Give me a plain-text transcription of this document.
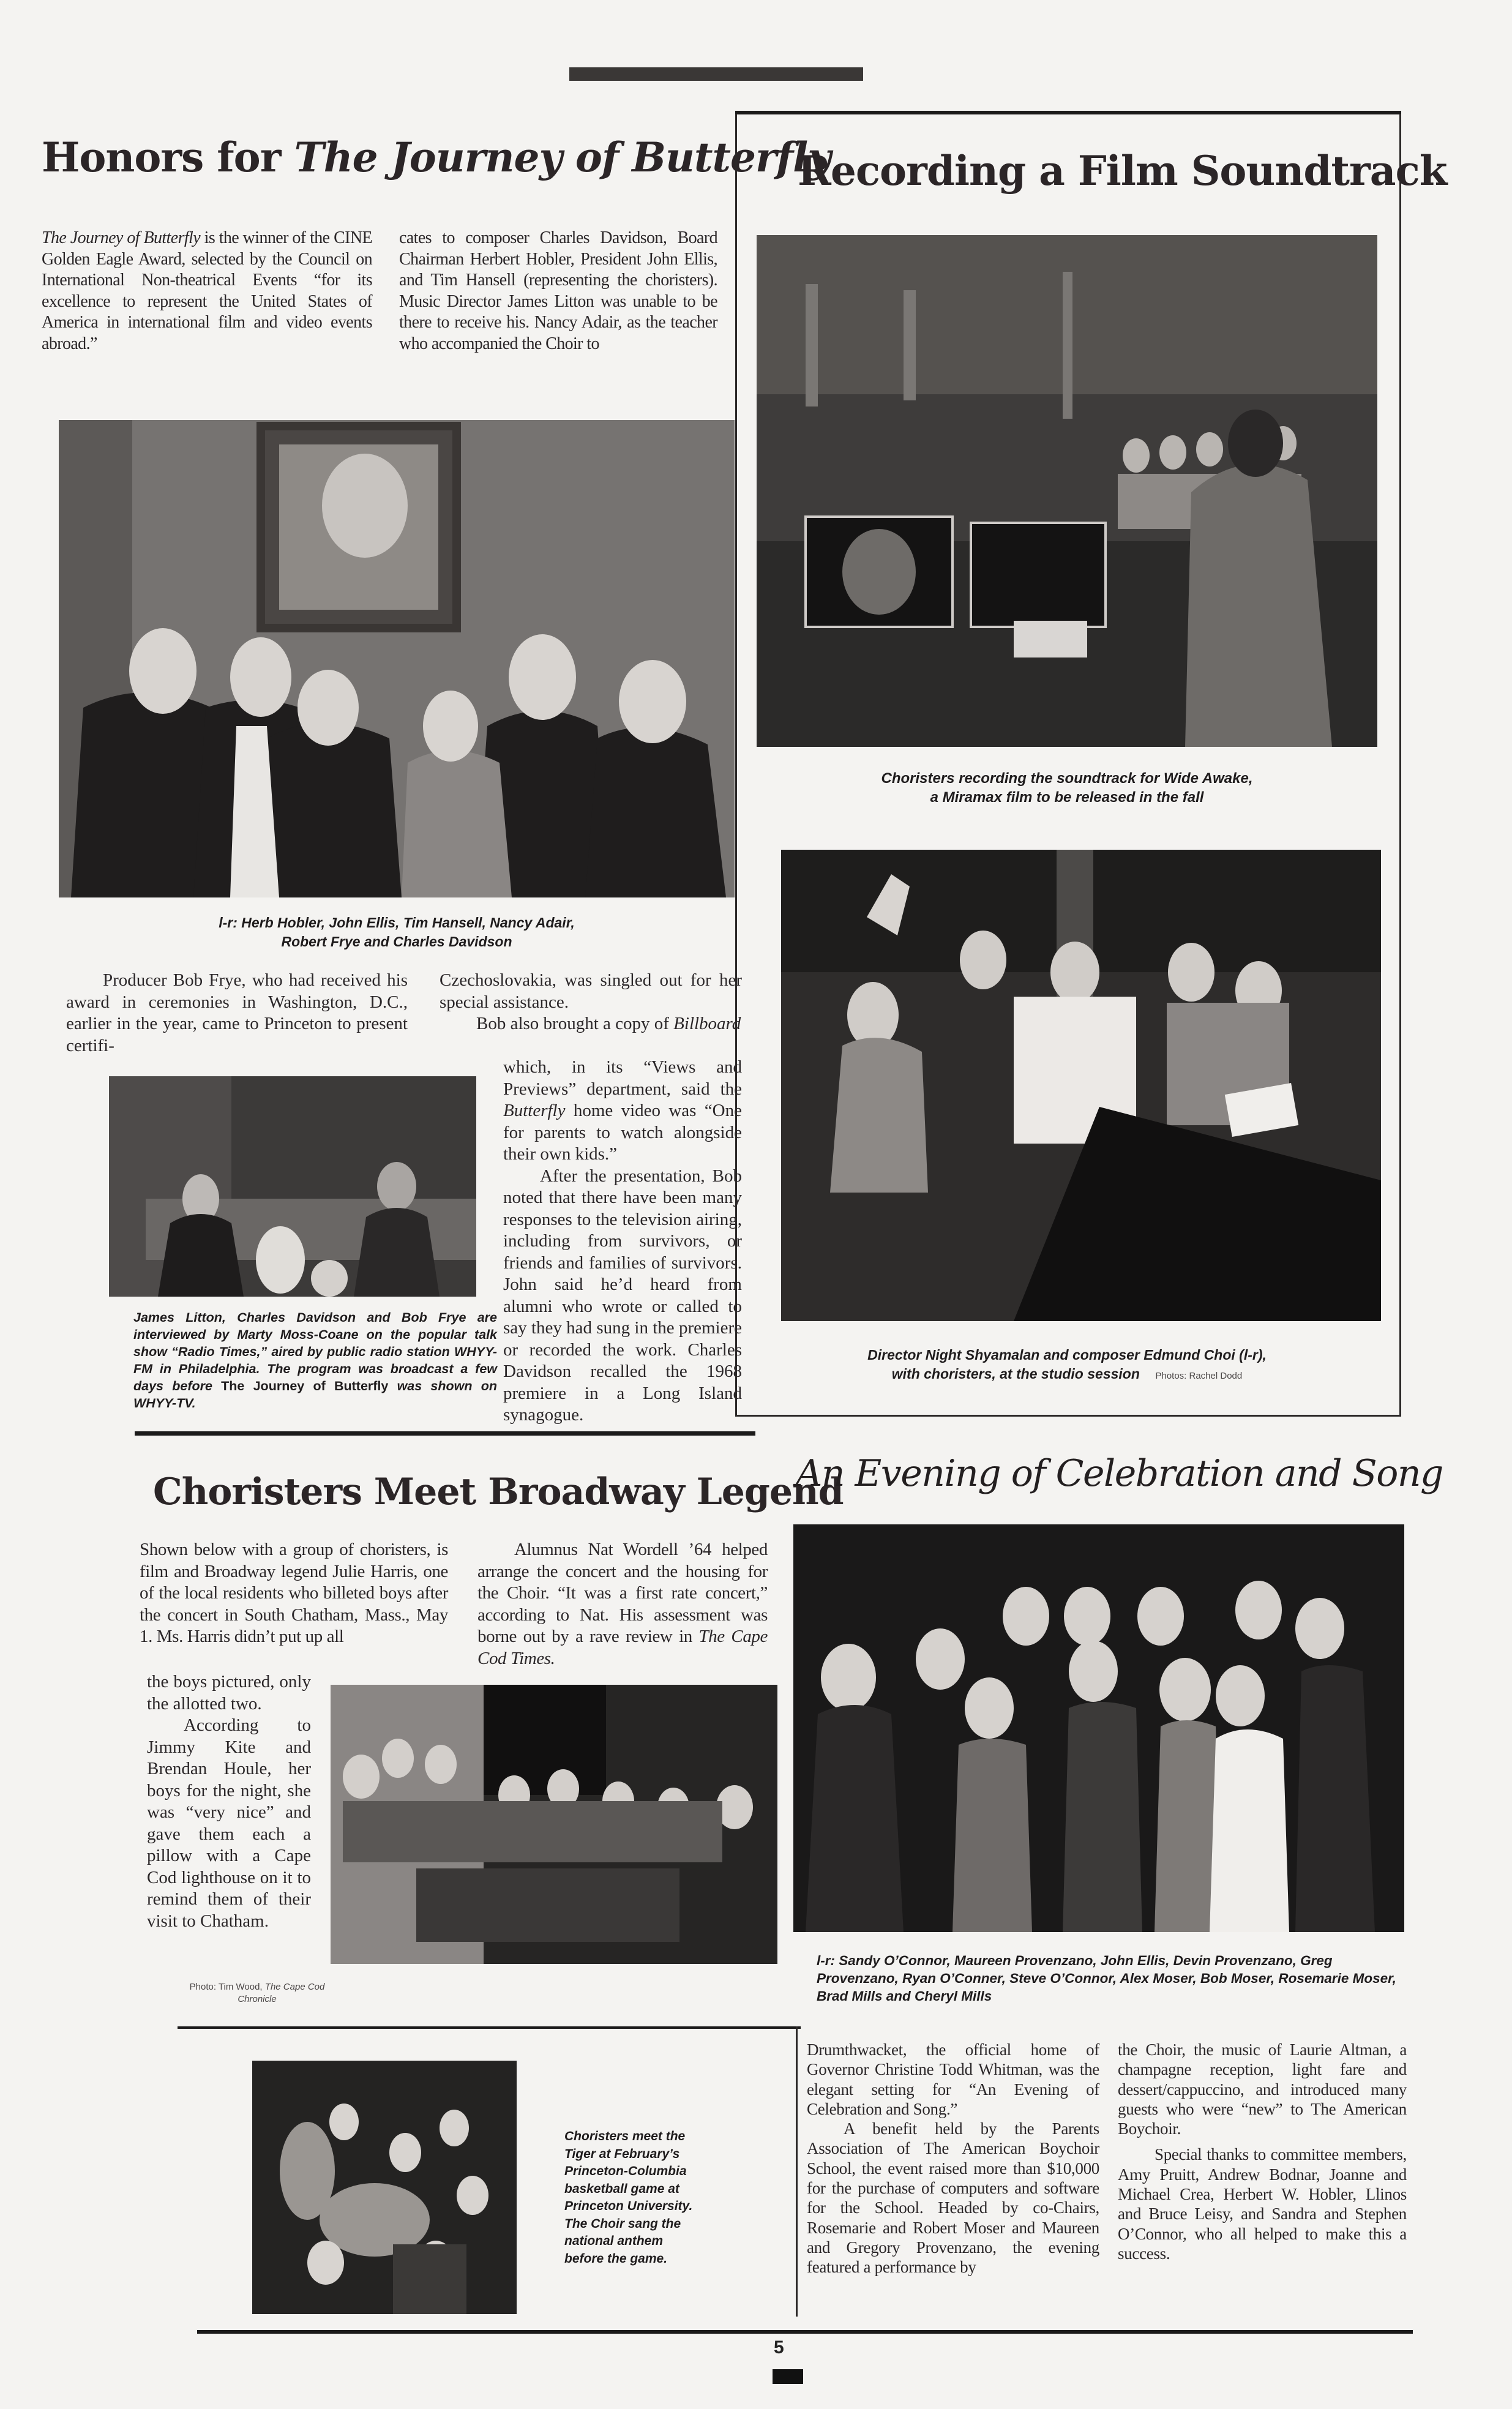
Honors for The Journey of Butterfly

The Journey of Butterfly is the winner of the CINE Golden Eagle Award, selected by the Council on International Non-theatrical Events “for its excellence to represent the United States of America in international film and video events abroad.”

cates to composer Charles Davidson, Board Chairman Herbert Hobler, President John Ellis, and Tim Hansell (representing the choristers). Music Director James Litton was unable to be there to receive his. Nancy Adair, as the teacher who accompanied the Choir to

l-r: Herb Hobler, John Ellis, Tim Hansell, Nancy Adair,
Robert Frye and Charles Davidson

Producer Bob Frye, who had received his award in ceremonies in Washington, D.C., earlier in the year, came to Princeton to present certifi-

Czechoslovakia, was singled out for her special assistance.

Bob also brought a copy of Billboard

which, in its “Views and Previews” department, said the Butterfly home video was “One for parents to watch alongside their own kids.”

After the presentation, Bob noted that there have been many responses to the television airing, including from survivors, or friends and families of survivors. John said he’d heard from alumni who wrote or called to say they had sung in the premiere or recorded the work. Charles Davidson recalled the 1968 premiere in a Long Island synagogue.

James Litton, Charles Davidson and Bob Frye are interviewed by Marty Moss-Coane on the popular talk show “Radio Times,” aired by public radio station WHYY-FM in Philadelphia. The program was broadcast a few days before The Journey of Butterfly was shown on WHYY-TV.
Recording a Film Soundtrack
Choristers recording the soundtrack for Wide Awake,
a Miramax film to be released in the fall
Director Night Shyamalan and composer Edmund Choi (l-r),
with choristers, at the studio session Photos: Rachel Dodd
Choristers Meet Broadway Legend

Shown below with a group of choristers, is film and Broadway legend Julie Harris, one of the local residents who billeted boys after the concert in South Chatham, Mass., May 1. Ms. Harris didn’t put up all

the boys pictured, only the allotted two.

According to Jimmy Kite and Brendan Houle, her boys for the night, she was “very nice” and gave them each a pillow with a Cape Cod lighthouse on it to remind them of their visit to Chatham.

Photo: Tim Wood, The Cape Cod Chronicle

Alumnus Nat Wordell ’64 helped arrange the concert and the housing for the Choir. “It was a first rate concert,” according to Nat. His assessment was borne out by a rave review in The Cape Cod Times.

An Evening of Celebration and Song
l-r: Sandy O’Connor, Maureen Provenzano, John Ellis, Devin Provenzano, Greg Provenzano, Ryan O’Conner, Steve O’Connor, Alex Moser, Bob Moser, Rosemarie Moser, Brad Mills and Cheryl Mills
Choristers meet the Tiger at February’s Princeton-Columbia basketball game at Princeton University. The Choir sang the national anthem before the game.

Drumthwacket, the official home of Governor Christine Todd Whitman, was the elegant setting for “An Evening of Celebration and Song.”

A benefit held by the Parents Association of The American Boychoir School, the event raised more than $10,000 for the purchase of computers and software for the School. Headed by co-Chairs, Rosemarie and Robert Moser and Maureen and Gregory Provenzano, the evening featured a performance by

the Choir, the music of Laurie Altman, a champagne reception, light fare and dessert/cappuccino, and introduced many guests who were “new” to The American Boychoir.

Special thanks to committee members, Amy Pruitt, Andrew Bodnar, Joanne and Michael Crea, Herbert W. Hobler, Llinos and Bruce Leisy, and Sandra and Stephen O’Connor, who all helped to make this a success.

5
